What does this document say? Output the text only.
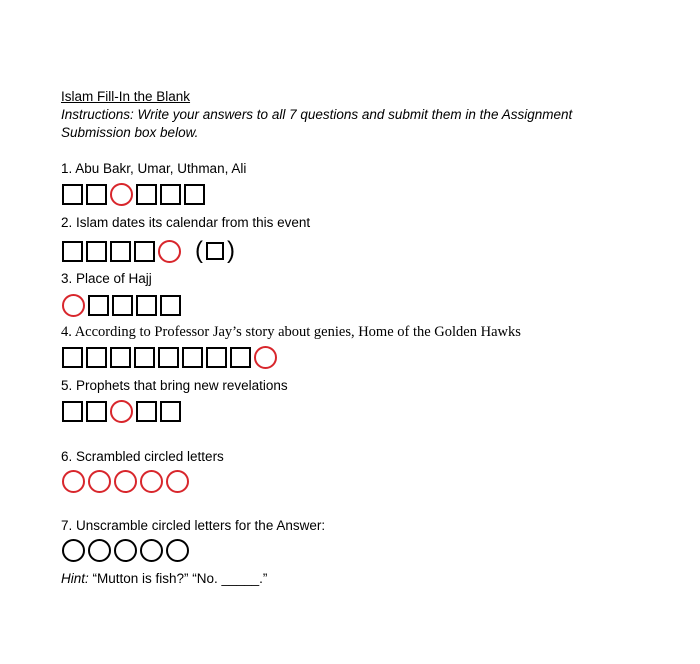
Islam Fill-In the Blank
Instructions: Write your answers to all 7 questions and submit them in the Assignment
Submission box below.
1. Abu Bakr, Umar, Uthman, Ali
2. Islam dates its calendar from this event
( )
3. Place of Hajj
4. According to Professor Jay’s story about genies, Home of the Golden Hawks
5. Prophets that bring new revelations
6. Scrambled circled letters
7. Unscramble circled letters for the Answer:
Hint: “Mutton is fish?” “No. _____.”
